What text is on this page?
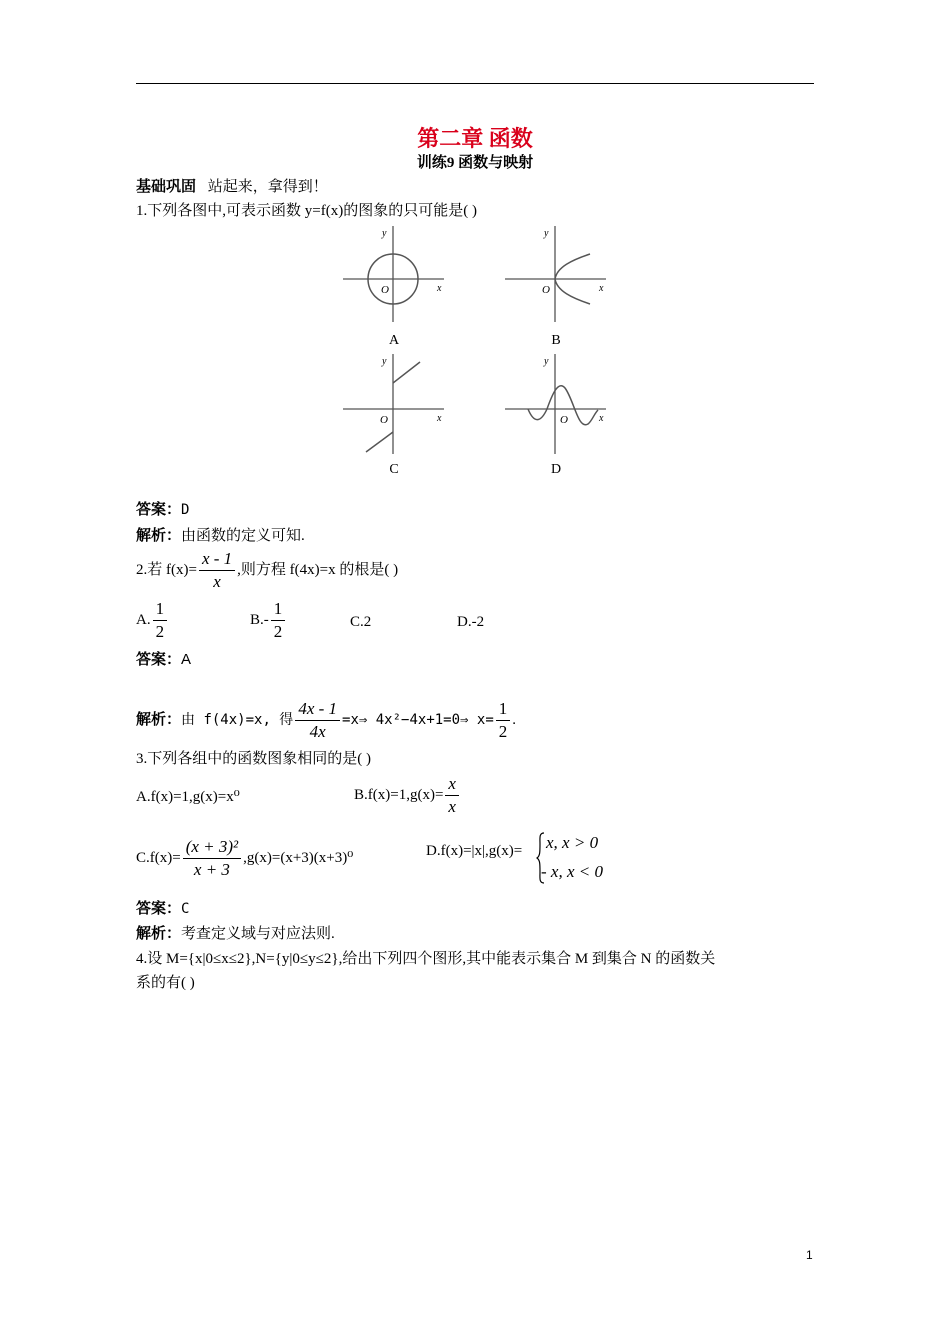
第二章 函数
训练9 函数与映射
基础巩固 站起来，拿得到！
1.下列各图中,可表示函数 y=f(x)的图象的只可能是( )
y
x
O
A
y
x
O
B
y
x
O
C
y
x
O
D
答案：D
解析：由函数的定义可知.
2.若 $f(x)= \frac{x - 1}{x}$ ,则方程 f(4x)=x 的根是( )
A. $\frac{1}{2}$	$B.- \frac{1}{2}$	C.2	D.-2
答案：A
解析：由 f(4x)=x, 得 $\frac{4x - 1}{4x}$ =x⇒ 4x²−4x+1=0⇒ $x= \frac{1}{2}$ .
3.下列各组中的函数图象相同的是( )
A.f(x)=1,g(x)=x⁰	$B.f(x)=1,g(x)= \frac{x}{x}$
$C.f(x)= \frac{\text{(x + 3)²}}{x + 3} ,g(x)=(x+3)(x+3)^0$	D.f(x)=|x|,g(x)= x, x > 0
- x, x < 0
答案：C
解析：考查定义域与对应法则.
4.设 M={x|0≤x≤2},N={y|0≤y≤2},给出下列四个图形,其中能表示集合 M 到集合 N 的函数关
系的有( )
1
